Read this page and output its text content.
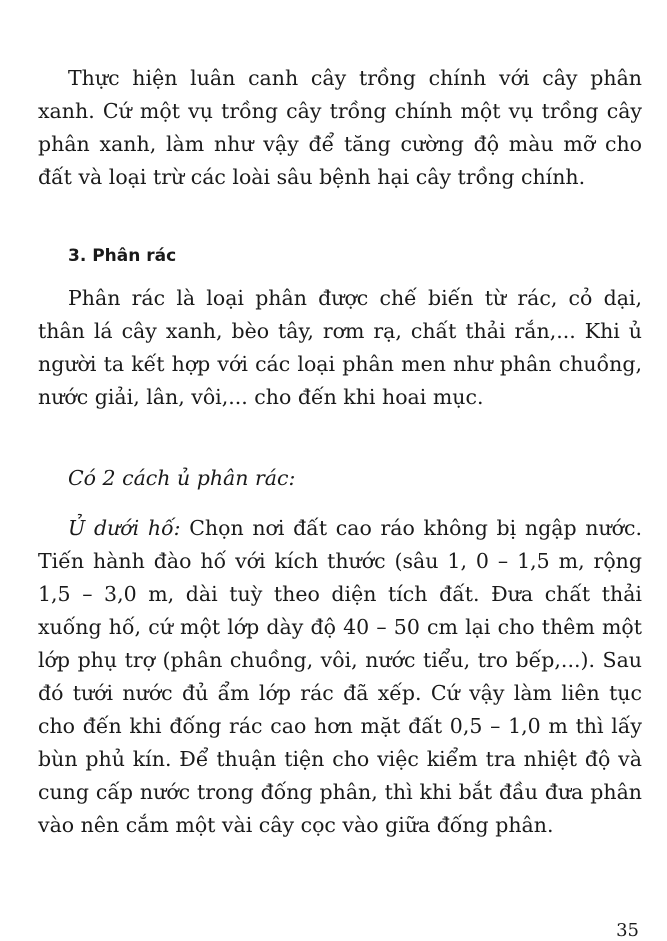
Thực hiện luân canh cây trồng chính với cây phân xanh. Cứ một vụ trồng cây trồng chính một vụ trồng cây phân xanh, làm như vậy để tăng cường độ màu mỡ cho đất và loại trừ các loài sâu bệnh hại cây trồng chính.

3. Phân rác

Phân rác là loại phân được chế biến từ rác, cỏ dại, thân lá cây xanh, bèo tây, rơm rạ, chất thải rắn,... Khi ủ người ta kết hợp với các loại phân men như phân chuồng, nước giải, lân, vôi,... cho đến khi hoai mục.

Có 2 cách ủ phân rác:

Ủ dưới hố: Chọn nơi đất cao ráo không bị ngập nước. Tiến hành đào hố với kích thước (sâu 1, 0 – 1,5 m, rộng 1,5 – 3,0 m, dài tuỳ theo diện tích đất. Đưa chất thải xuống hố, cứ một lớp dày độ 40 – 50 cm lại cho thêm một lớp phụ trợ (phân chuồng, vôi, nước tiểu, tro bếp,...). Sau đó tưới nước đủ ẩm lớp rác đã xếp. Cứ vậy làm liên tục cho đến khi đống rác cao hơn mặt đất 0,5 – 1,0 m thì lấy bùn phủ kín. Để thuận tiện cho việc kiểm tra nhiệt độ và cung cấp nước trong đống phân, thì khi bắt đầu đưa phân vào nên cắm một vài cây cọc vào giữa đống phân.

35
